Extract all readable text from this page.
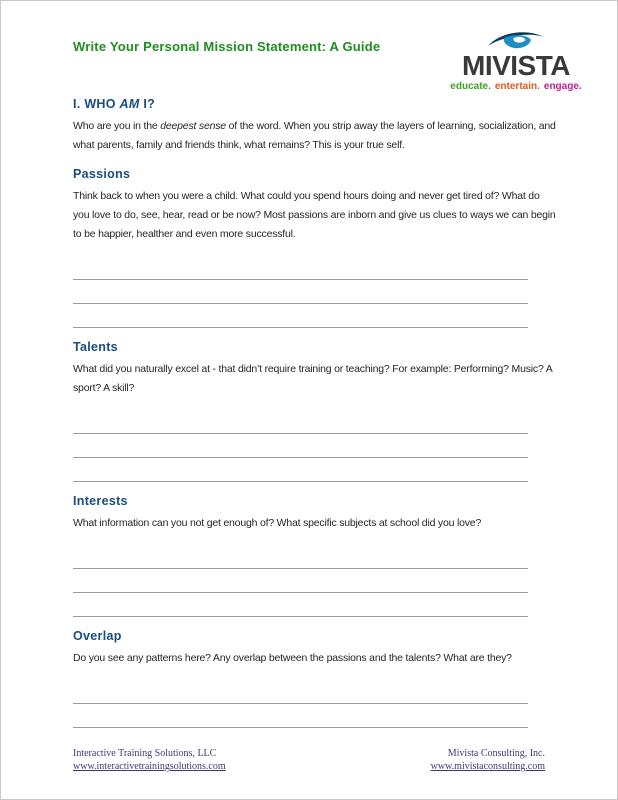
Write Your Personal Mission Statement: A Guide
I. WHO AM I?

Who are you in the deepest sense of the word. When you strip away the layers of learning, socialization, and what parents, family and friends think, what remains? This is your true self.

Passions

Think back to when you were a child. What could you spend hours doing and never get tired of? What do you love to do, see, hear, read or be now? Most passions are inborn and give us clues to ways we can begin to be happier, healther and even more successful.

Talents

What did you naturally excel at - that didn’t require training or teaching? For example: Performing? Music? A sport? A skill?

Interests

What information can you not get enough of? What specific subjects at school did you love?

Overlap

Do you see any patterns here? Any overlap between the passions and the talents? What are they?

MIVISTA
educate. entertain. engage.
Interactive Training Solutions, LLC
www.interactivetrainingsolutions.com
Mivista Consulting, Inc.
www.mivistaconsulting.com
